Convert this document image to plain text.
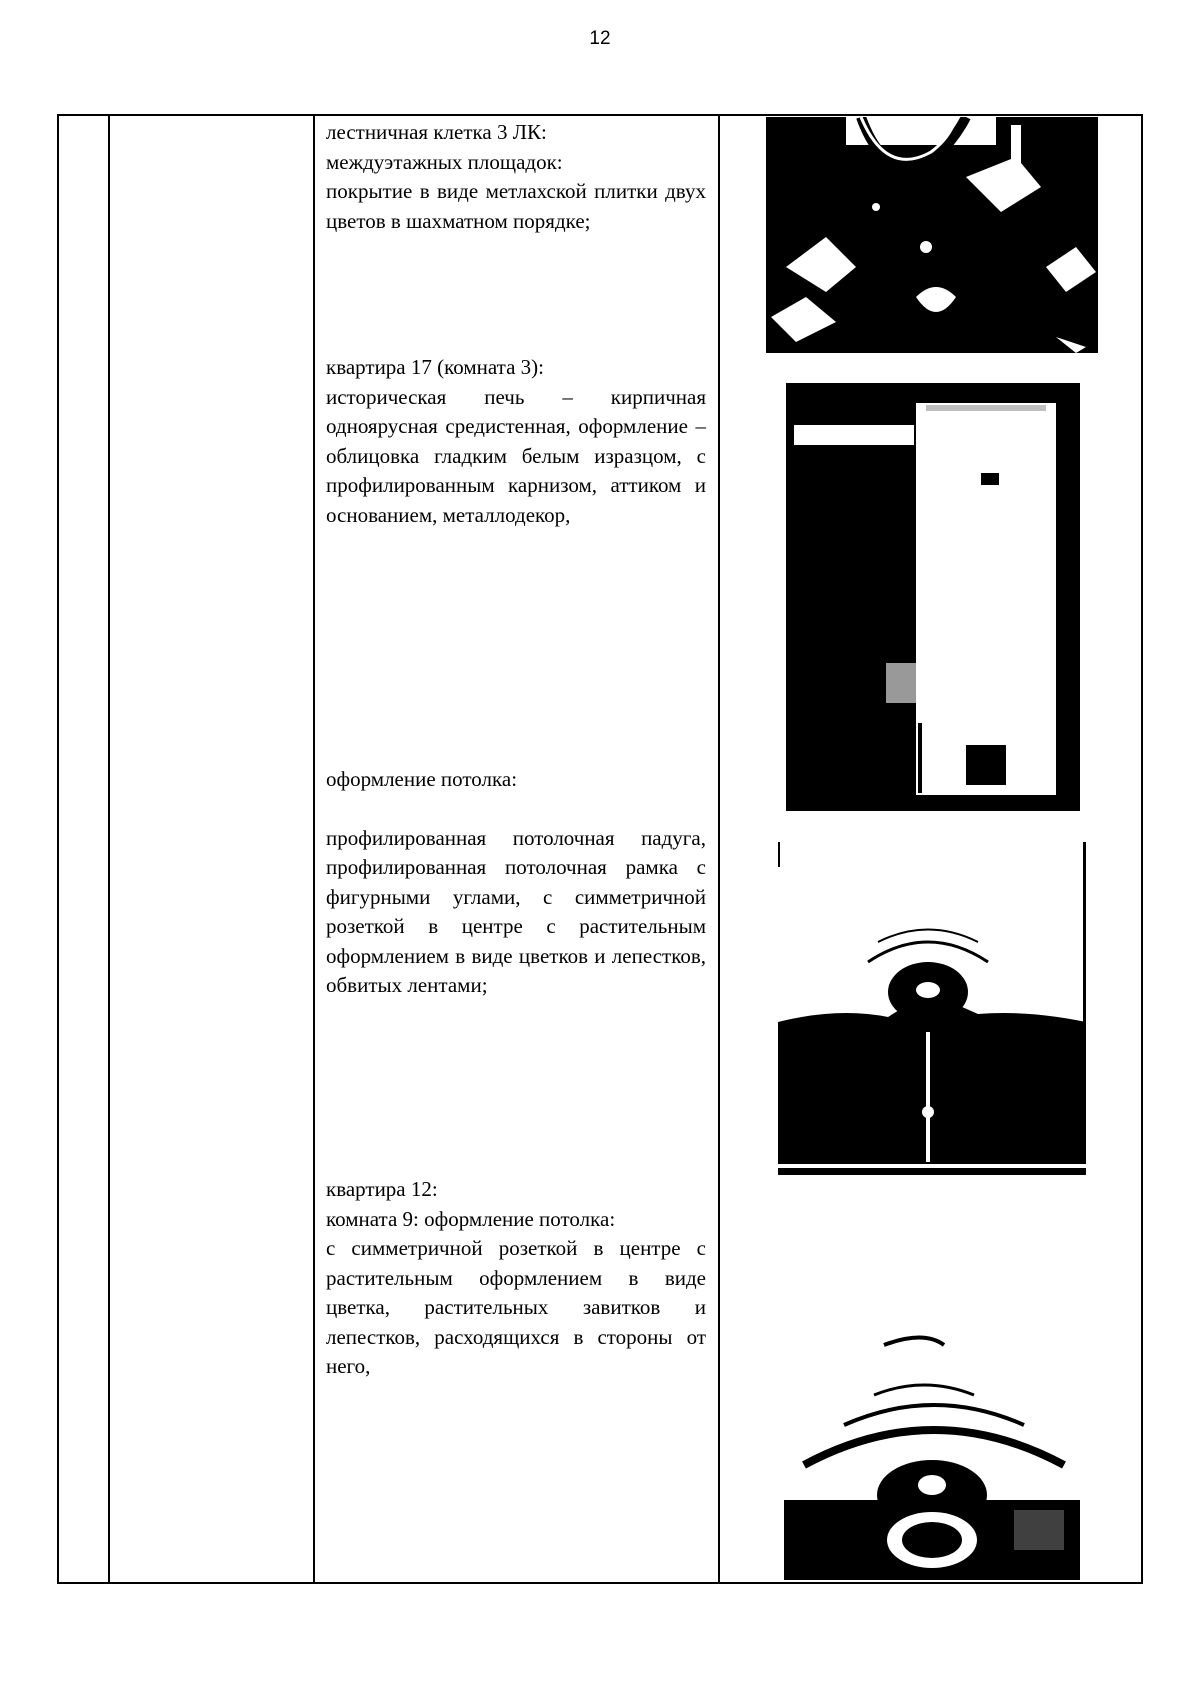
12

лестничная клетка 3 ЛК:

междуэтажных площадок:

покрытие в виде метлахской плитки двух цветов в шахматном порядке;

квартира 17 (комната 3):

историческая печь – кирпичная одноярусная средистенная, оформление – облицовка гладким белым изразцом, с профилированным карнизом, аттиком и основанием, металлодекор,

оформление потолка:

профилированная потолочная падуга, профилированная потолочная рамка с фигурными углами, с симметричной розеткой в центре с растительным оформлением в виде цветков и лепестков, обвитых лентами;

квартира 12:

комната 9: оформление потолка:

с симметричной розеткой в центре с растительным оформлением в виде цветка, растительных завитков и лепестков, расходящихся в стороны от него,
